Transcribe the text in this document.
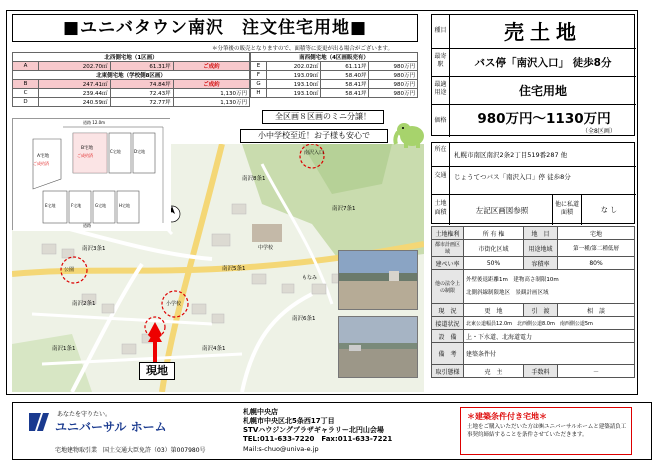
■ユニバタウン南沢　注文住宅用地■
＊分筆後の販売となりますので、面積等に変更が出る場合がございます。
北西側宅地（1区画）			
A	202.70㎡	61.31坪	ご成約
北東側宅地（学校側8区画）			
B	247.41㎡	74.84坪	ご成約
C	239.44㎡	72.43坪	1,130万円
D	240.59㎡	72.77坪	1,130万円
南西側宅地（4区画販売有）			
E	202.02㎡	61.11坪	980万円
F	193.09㎡	58.40坪	980万円
G	193.10㎡	58.41坪	980万円
H	193.10㎡	58.41坪	980万円
南沢入口
公園
小学校
中学校
南沢8条1
南沢3条1
南沢5条1
南沢2条1
南沢1条1	南沢4条1
南沢6条1
南沢7条1
もなみ
現地
道路 12.0m
A宅地
ご成約済
B宅地
ご成約済
C宅地	D宅地
E宅地	F宅地	G宅地	H宅地
道路
全区画８区画のミニ分譲！
小中学校至近！お子様も安心で
種目	売土地
最寄駅	バス停「南沢入口」 徒歩8分
最適用途	住宅用地
価格	980万円～1130万円
（全8区画）
所在
札幌市南区南沢2条2丁目519番287 他
交通	じょうてつバス「南沢入口」停 徒歩8分
土地面積	左記区画図参照
他に私道面積	な し
土地権利	所 有 権	地　目	宅地
都市計画区域	市街化区域	用途地域	第一種/第二種低層
建ぺい率	50%	容積率	80%
他の法令上の制限	外壁後退距離1m　建物高さ制限10m
北側斜線制限地区　景観計画区域		

現　況	更　地	引　渡	相　談
接道状況	北東公道幅員12.0m　北西側公道8.0m　南西側公道5m		
設　備	上・下水道、北海道電力		
備　考	建築条件付		
取引態様	売　主	手数料	－
あなたを守りたい。
ユニバーサル ホーム
宅地建物取引業　国土交通大臣免許（03）第007980号
札幌中央店
札幌市中央区北5条西17丁目
STVハウジングプラザギャラリー北円山会場
TEL:011-633-7220　Fax:011-633-7221
Mail:s-chuo@univa-e.jp
＊建築条件付き宅地＊
土地をご購入いただいた方は㈱ユニバーサルホームと建築請負工事契約締結することを条件させていただきます。
